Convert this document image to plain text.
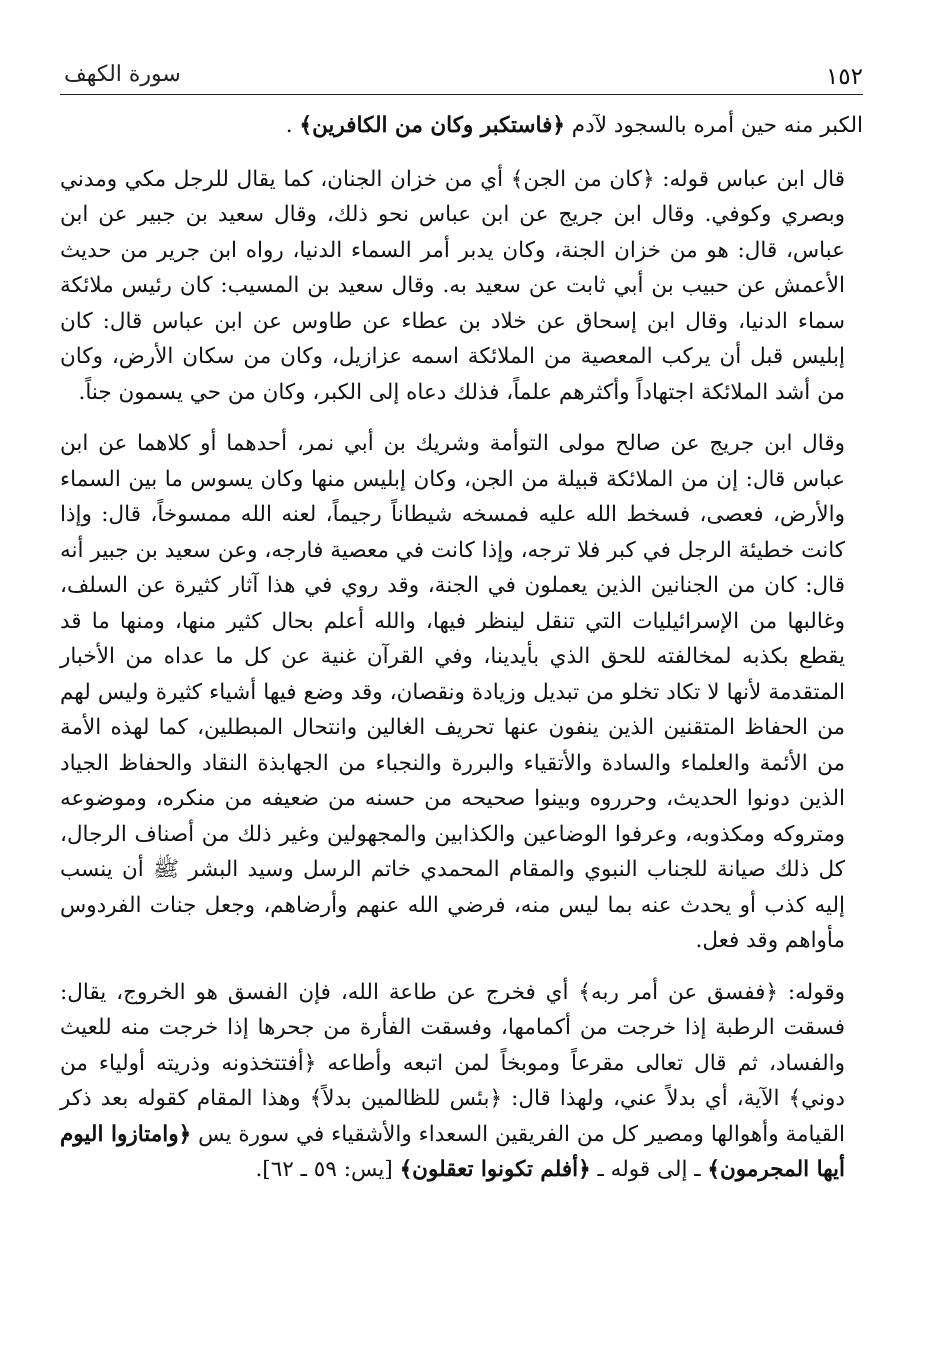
١٥٢
سورة الكهف

الكبر منه حين أمره بالسجود لآدم ﴿فاستكبر وكان من الكافرين﴾ .

قال ابن عباس قوله: ﴿كان من الجن﴾ أي من خزان الجنان، كما يقال للرجل مكي ومدني وبصري وكوفي. وقال ابن جريج عن ابن عباس نحو ذلك، وقال سعيد بن جبير عن ابن عباس، قال: هو من خزان الجنة، وكان يدبر أمر السماء الدنيا، رواه ابن جرير من حديث الأعمش عن حبيب بن أبي ثابت عن سعيد به. وقال سعيد بن المسيب: كان رئيس ملائكة سماء الدنيا، وقال ابن إسحاق عن خلاد بن عطاء عن طاوس عن ابن عباس قال: كان إبليس قبل أن يركب المعصية من الملائكة اسمه عزازيل، وكان من سكان الأرض، وكان من أشد الملائكة اجتهاداً وأكثرهم علماً، فذلك دعاه إلى الكبر، وكان من حي يسمون جناً.

وقال ابن جريج عن صالح مولى التوأمة وشريك بن أبي نمر، أحدهما أو كلاهما عن ابن عباس قال: إن من الملائكة قبيلة من الجن، وكان إبليس منها وكان يسوس ما بين السماء والأرض، فعصى، فسخط الله عليه فمسخه شيطاناً رجيماً، لعنه الله ممسوخاً، قال: وإذا كانت خطيئة الرجل في كبر فلا ترجه، وإذا كانت في معصية فارجه، وعن سعيد بن جبير أنه قال: كان من الجنانين الذين يعملون في الجنة، وقد روي في هذا آثار كثيرة عن السلف، وغالبها من الإسرائيليات التي تنقل لينظر فيها، والله أعلم بحال كثير منها، ومنها ما قد يقطع بكذبه لمخالفته للحق الذي بأيدينا، وفي القرآن غنية عن كل ما عداه من الأخبار المتقدمة لأنها لا تكاد تخلو من تبديل وزيادة ونقصان، وقد وضع فيها أشياء كثيرة وليس لهم من الحفاظ المتقنين الذين ينفون عنها تحريف الغالين وانتحال المبطلين، كما لهذه الأمة من الأئمة والعلماء والسادة والأتقياء والبررة والنجباء من الجهابذة النقاد والحفاظ الجياد الذين دونوا الحديث، وحرروه وبينوا صحيحه من حسنه من ضعيفه من منكره، وموضوعه ومتروكه ومكذوبه، وعرفوا الوضاعين والكذابين والمجهولين وغير ذلك من أصناف الرجال، كل ذلك صيانة للجناب النبوي والمقام المحمدي خاتم الرسل وسيد البشر ﷺ أن ينسب إليه كذب أو يحدث عنه بما ليس منه، فرضي الله عنهم وأرضاهم، وجعل جنات الفردوس مأواهم وقد فعل.

وقوله: ﴿ففسق عن أمر ربه﴾ أي فخرج عن طاعة الله، فإن الفسق هو الخروج، يقال: فسقت الرطبة إذا خرجت من أكمامها، وفسقت الفأرة من جحرها إذا خرجت منه للعيث والفساد، ثم قال تعالى مقرعاً وموبخاً لمن اتبعه وأطاعه ﴿أفتتخذونه وذريته أولياء من دوني﴾ الآية، أي بدلاً عني، ولهذا قال: ﴿بئس للظالمين بدلاً﴾ وهذا المقام كقوله بعد ذكر القيامة وأهوالها ومصير كل من الفريقين السعداء والأشقياء في سورة يس ﴿وامتازوا اليوم أيها المجرمون﴾ ـ إلى قوله ـ ﴿أفلم تكونوا تعقلون﴾ [يس: ٥٩ ـ ٦٢].
